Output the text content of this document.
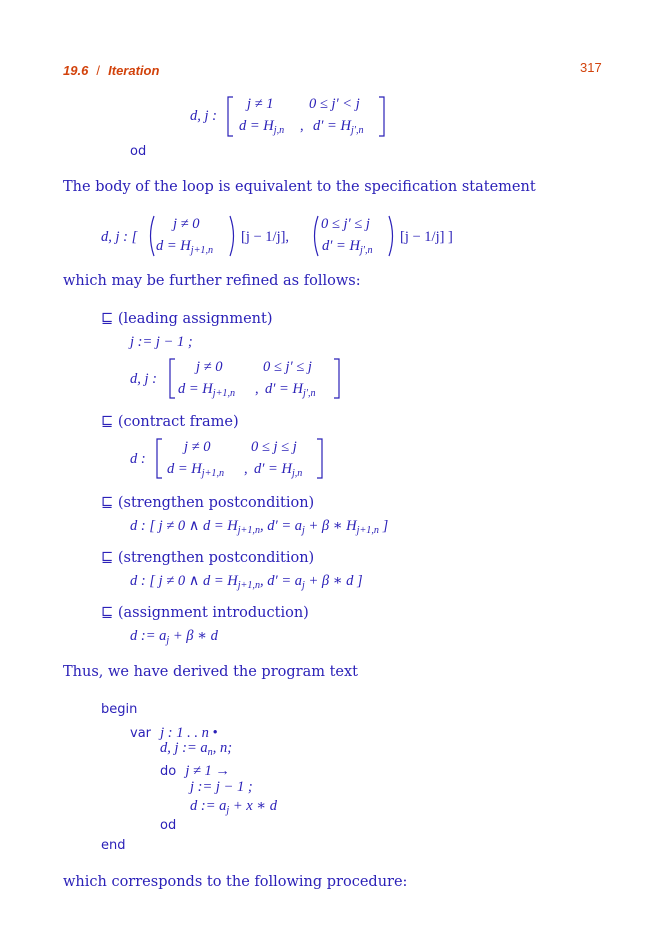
19.6 / Iteration	317
d, j :
j ≠ 1 0 ≤ j′ < j
$d = H_{j,n}$ , $d' = H_{j',n}$
od
The body of the loop is equivalent to the specification statement
d, j : [
j ≠ 0
$d = H_{j+1,n}$
[j − 1/j],
0 ≤ j′ ≤ j
$d' = H_{j',n}$
[j − 1/j] ]
which may be further refined as follows:
⊑ (leading assignment)
j := j − 1 ;
d, j :
j ≠ 0	0 ≤ j′ ≤ j
$d = H_{j+1,n}$ , $d' = H_{j',n}$
⊑ (contract frame)
d :
j ≠ 0	0 ≤ j ≤ j
$d = H_{j+1,n}$ , $d' = H_{j,n}$
⊑ (strengthen postcondition)
d : [ j ≠ 0 ∧ $d = H_{j+1,n}$, $d' = a_j + \beta$ ∗ $H_{j+1,n}$ ]
⊑ (strengthen postcondition)
d : [ j ≠ 0 ∧ $d = H_{j+1,n}$, $d' = a_j + \beta$ ∗ d ]
⊑ (assignment introduction)
d := $a_j + \beta$ ∗ d
Thus, we have derived the program text
begin
var j : 1 . . n •
d, j := $a_n$, n;
do j ≠ 1 →
j := j − 1 ;
d := $a_j + x$ ∗ d
od
end
which corresponds to the following procedure:
